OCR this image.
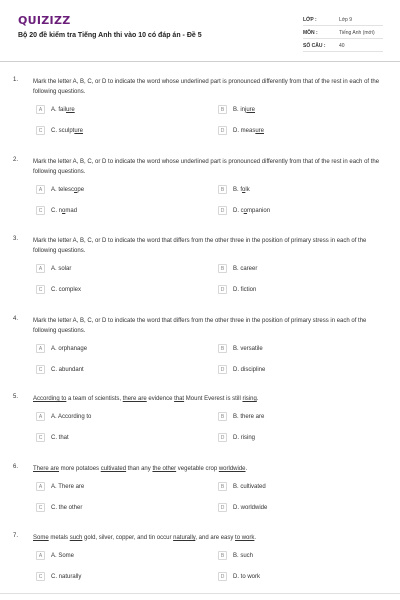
QUIZIZZ
Bộ 20 đề kiểm tra Tiếng Anh thi vào 10 có đáp án - Đề 5
LỚP :	Lớp 9
MÔN :	Tiếng Anh (mới)
SỐ CÂU :	40
1. Mark the letter A, B, C, or D to indicate the word whose underlined part is pronounced differently from that of the rest in each of the following questions.
A	A. failure	B	B. injure
C	C. sculpture	D	D. measure
2. Mark the letter A, B, C, or D to indicate the word whose underlined part is pronounced differently from that of the rest in each of the following questions.
A	A. telescope	B	B. folk
C	C. nomad	D	D. companion
3. Mark the letter A, B, C, or D to indicate the word that differs from the other three in the position of primary stress in each of the following questions.
A	A. solar	B	B. career
C	C. complex	D	D. fiction
4. Mark the letter A, B, C, or D to indicate the word that differs from the other three in the position of primary stress in each of the following questions.
A	A. orphanage	B	B. versatile
C	C. abundant	D	D. discipline
5. According to a team of scientists, there are evidence that Mount Everest is still rising.
A	A. According to	B	B. there are
C	C. that	D	D. rising
6. There are more potatoes cultivated than any the other vegetable crop worldwide.
A	A. There are	B	B. cultivated
C	C. the other	D	D. worldwide
7. Some metals such gold, silver, copper, and tin occur naturally, and are easy to work.
A	A. Some	B	B. such
C	C. naturally	D	D. to work
